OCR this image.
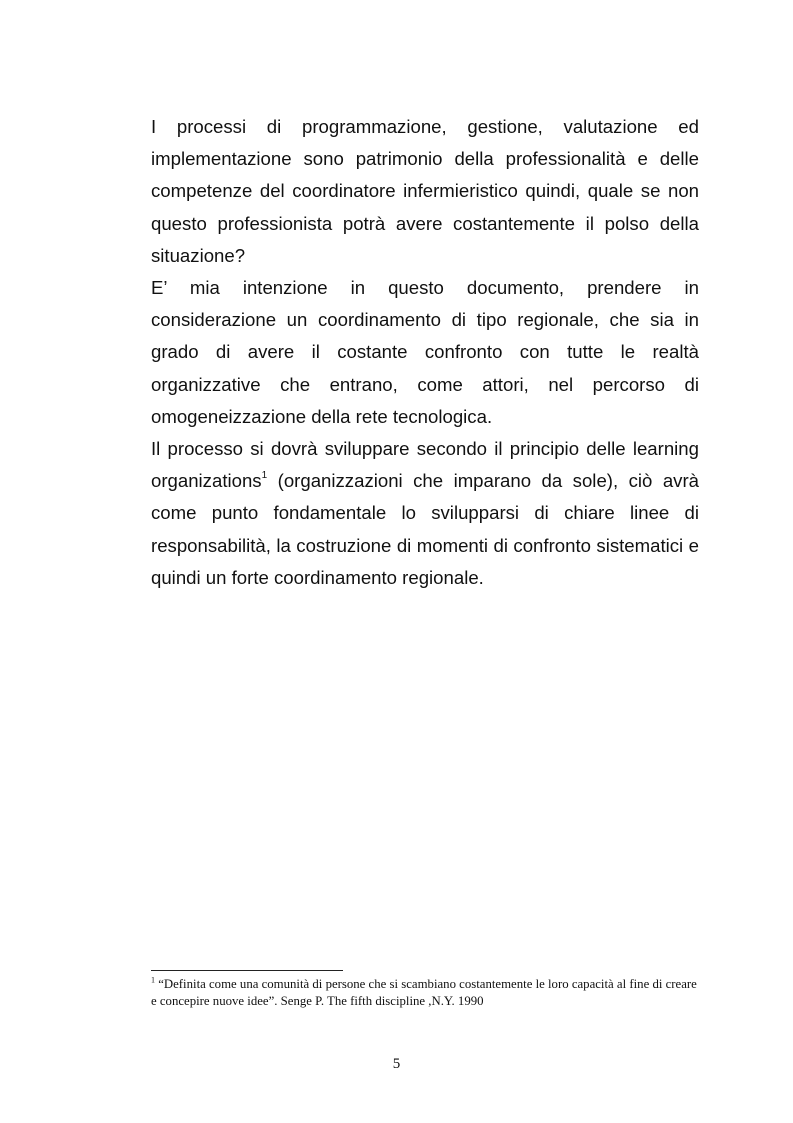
I processi di programmazione, gestione, valutazione ed implementazione sono patrimonio della professionalità e delle competenze del coordinatore infermieristico quindi, quale se non questo professionista potrà avere costantemente il polso della situazione?

E’ mia intenzione in questo documento, prendere in considerazione un coordinamento di tipo regionale, che sia in grado di avere il costante confronto con tutte le realtà organizzative che entrano, come attori, nel percorso di omogeneizzazione della rete tecnologica.

Il processo si dovrà sviluppare secondo il principio delle learning organizations$^1$ (organizzazioni che imparano da sole), ciò avrà come punto fondamentale lo svilupparsi di chiare linee di responsabilità, la costruzione di momenti di confronto sistematici e quindi un forte coordinamento regionale.

$^1$ “Definita come una comunità di persone che si scambiano costantemente le loro capacità al fine di creare e concepire nuove idee”. Senge P. The fifth discipline ,N.Y. 1990
5
